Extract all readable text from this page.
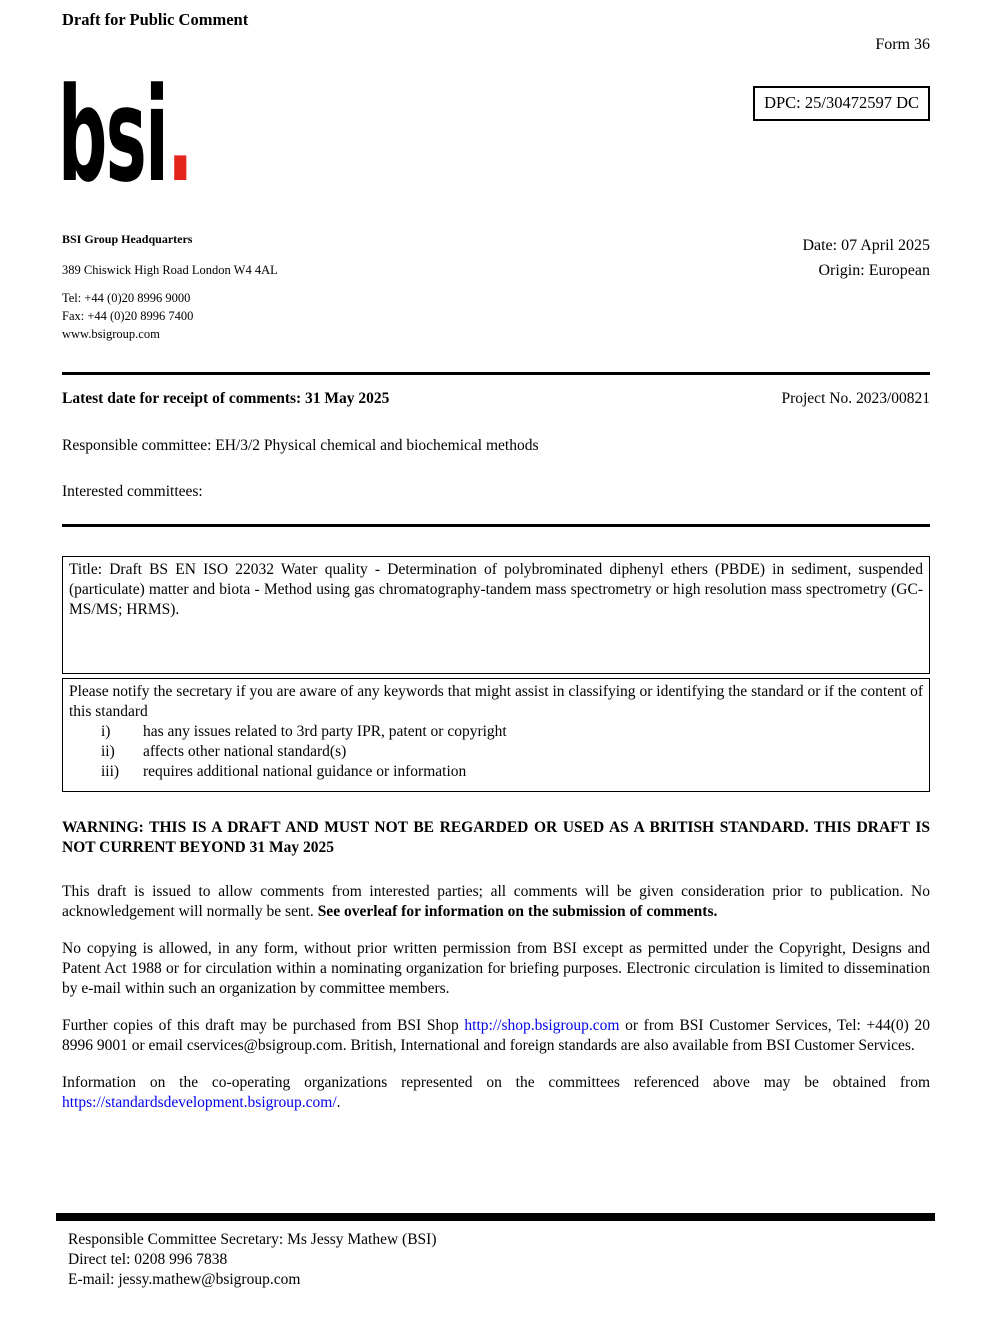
Draft for Public Comment
Form 36
DPC: 25/30472597 DC
bsi.
BSI Group Headquarters
389 Chiswick High Road London W4 4AL
Tel: +44 (0)20 8996 9000
Fax: +44 (0)20 8996 7400
www.bsigroup.com
Date: 07 April 2025
Origin: European
Latest date for receipt of comments: 31 May 2025	Project No. 2023/00821
Responsible committee: EH/3/2 Physical chemical and biochemical methods
Interested committees:
Title: Draft BS EN ISO 22032 Water quality - Determination of polybrominated diphenyl ethers (PBDE) in sediment, suspended (particulate) matter and biota - Method using gas chromatography-tandem mass spectrometry or high resolution mass spectrometry (GC- MS/MS; HRMS).
Please notify the secretary if you are aware of any keywords that might assist in classifying or identifying the standard or if the content of this standard
i)	has any issues related to 3rd party IPR, patent or copyright
ii)	affects other national standard(s)
iii)	requires additional national guidance or information

WARNING: THIS IS A DRAFT AND MUST NOT BE REGARDED OR USED AS A BRITISH STANDARD. THIS DRAFT IS NOT CURRENT BEYOND 31 May 2025

This draft is issued to allow comments from interested parties; all comments will be given consideration prior to publication. No acknowledgement will normally be sent. See overleaf for information on the submission of comments.

No copying is allowed, in any form, without prior written permission from BSI except as permitted under the Copyright, Designs and Patent Act 1988 or for circulation within a nominating organization for briefing purposes. Electronic circulation is limited to dissemination by e-mail within such an organization by committee members.

Further copies of this draft may be purchased from BSI Shop http://shop.bsigroup.com or from BSI Customer Services, Tel: +44(0) 20 8996 9001 or email cservices@bsigroup.com. British, International and foreign standards are also available from BSI Customer Services.

Information on the co-operating organizations represented on the committees referenced above may be obtained from https://standardsdevelopment.bsigroup.com/.

Responsible Committee Secretary: Ms Jessy Mathew (BSI)
Direct tel: 0208 996 7838
E-mail: jessy.mathew@bsigroup.com
